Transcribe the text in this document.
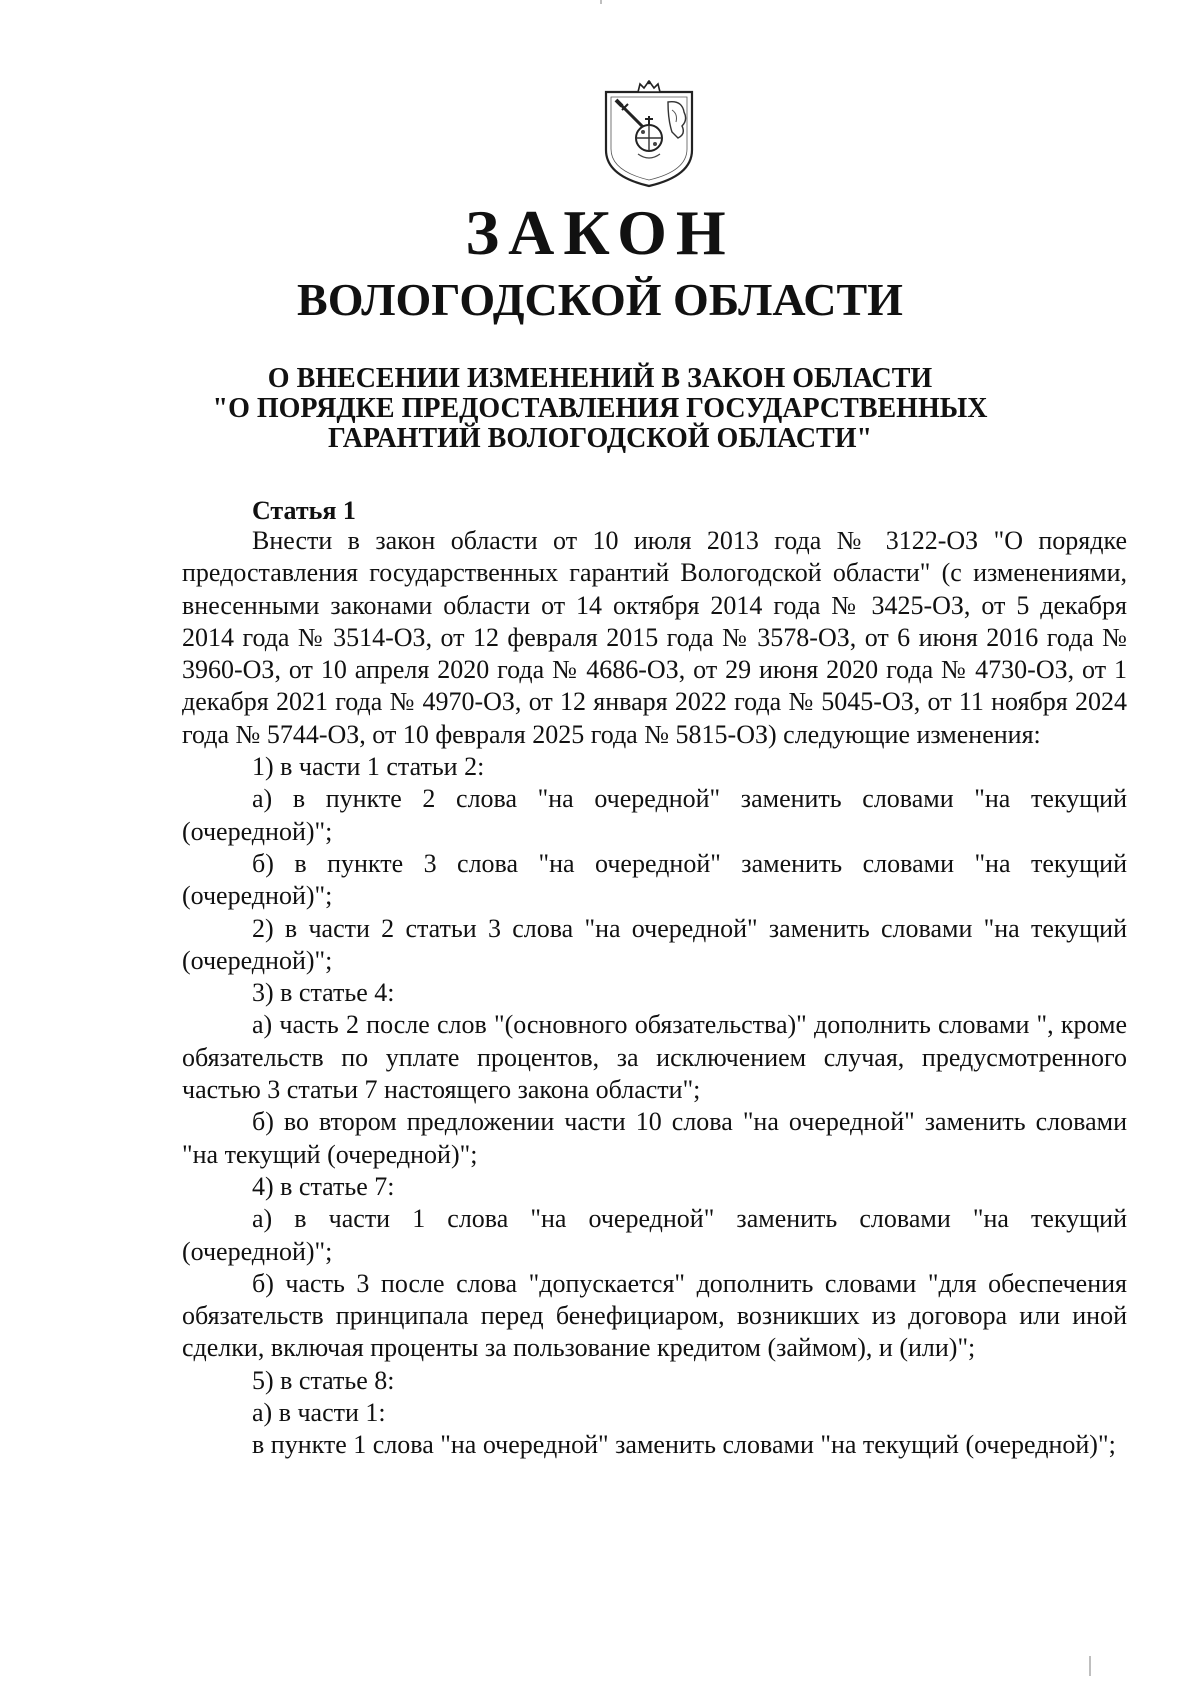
ЗАКОН
ВОЛОГОДСКОЙ ОБЛАСТИ
О ВНЕСЕНИИ ИЗМЕНЕНИЙ В ЗАКОН ОБЛАСТИ
"О ПОРЯДКЕ ПРЕДОСТАВЛЕНИЯ ГОСУДАРСТВЕННЫХ
ГАРАНТИЙ ВОЛОГОДСКОЙ ОБЛАСТИ"
Статья 1

Внести в закон области от 10 июля 2013 года № 3122-ОЗ "О порядке предоставления государственных гарантий Вологодской области" (с изменениями, внесенными законами области от 14 октября 2014 года № 3425-ОЗ, от 5 декабря 2014 года № 3514-ОЗ, от 12 февраля 2015 года № 3578-ОЗ, от 6 июня 2016 года № 3960-ОЗ, от 10 апреля 2020 года № 4686-ОЗ, от 29 июня 2020 года № 4730-ОЗ, от 1 декабря 2021 года № 4970-ОЗ, от 12 января 2022 года № 5045-ОЗ, от 11 ноября 2024 года № 5744-ОЗ, от 10 февраля 2025 года № 5815-ОЗ) следующие изменения:

1) в части 1 статьи 2:

а) в пункте 2 слова "на очередной" заменить словами "на текущий (очередной)";

б) в пункте 3 слова "на очередной" заменить словами "на текущий (очередной)";

2) в части 2 статьи 3 слова "на очередной" заменить словами "на текущий (очередной)";

3) в статье 4:

а) часть 2 после слов "(основного обязательства)" дополнить словами ", кроме обязательств по уплате процентов, за исключением случая, предусмотренного частью 3 статьи 7 настоящего закона области";

б) во втором предложении части 10 слова "на очередной" заменить словами "на текущий (очередной)";

4) в статье 7:

а) в части 1 слова "на очередной" заменить словами "на текущий (очередной)";

б) часть 3 после слова "допускается" дополнить словами "для обеспечения обязательств принципала перед бенефициаром, возникших из договора или иной сделки, включая проценты за пользование кредитом (займом), и (или)";

5) в статье 8:

а) в части 1:

в пункте 1 слова "на очередной" заменить словами "на текущий (очередной)";
